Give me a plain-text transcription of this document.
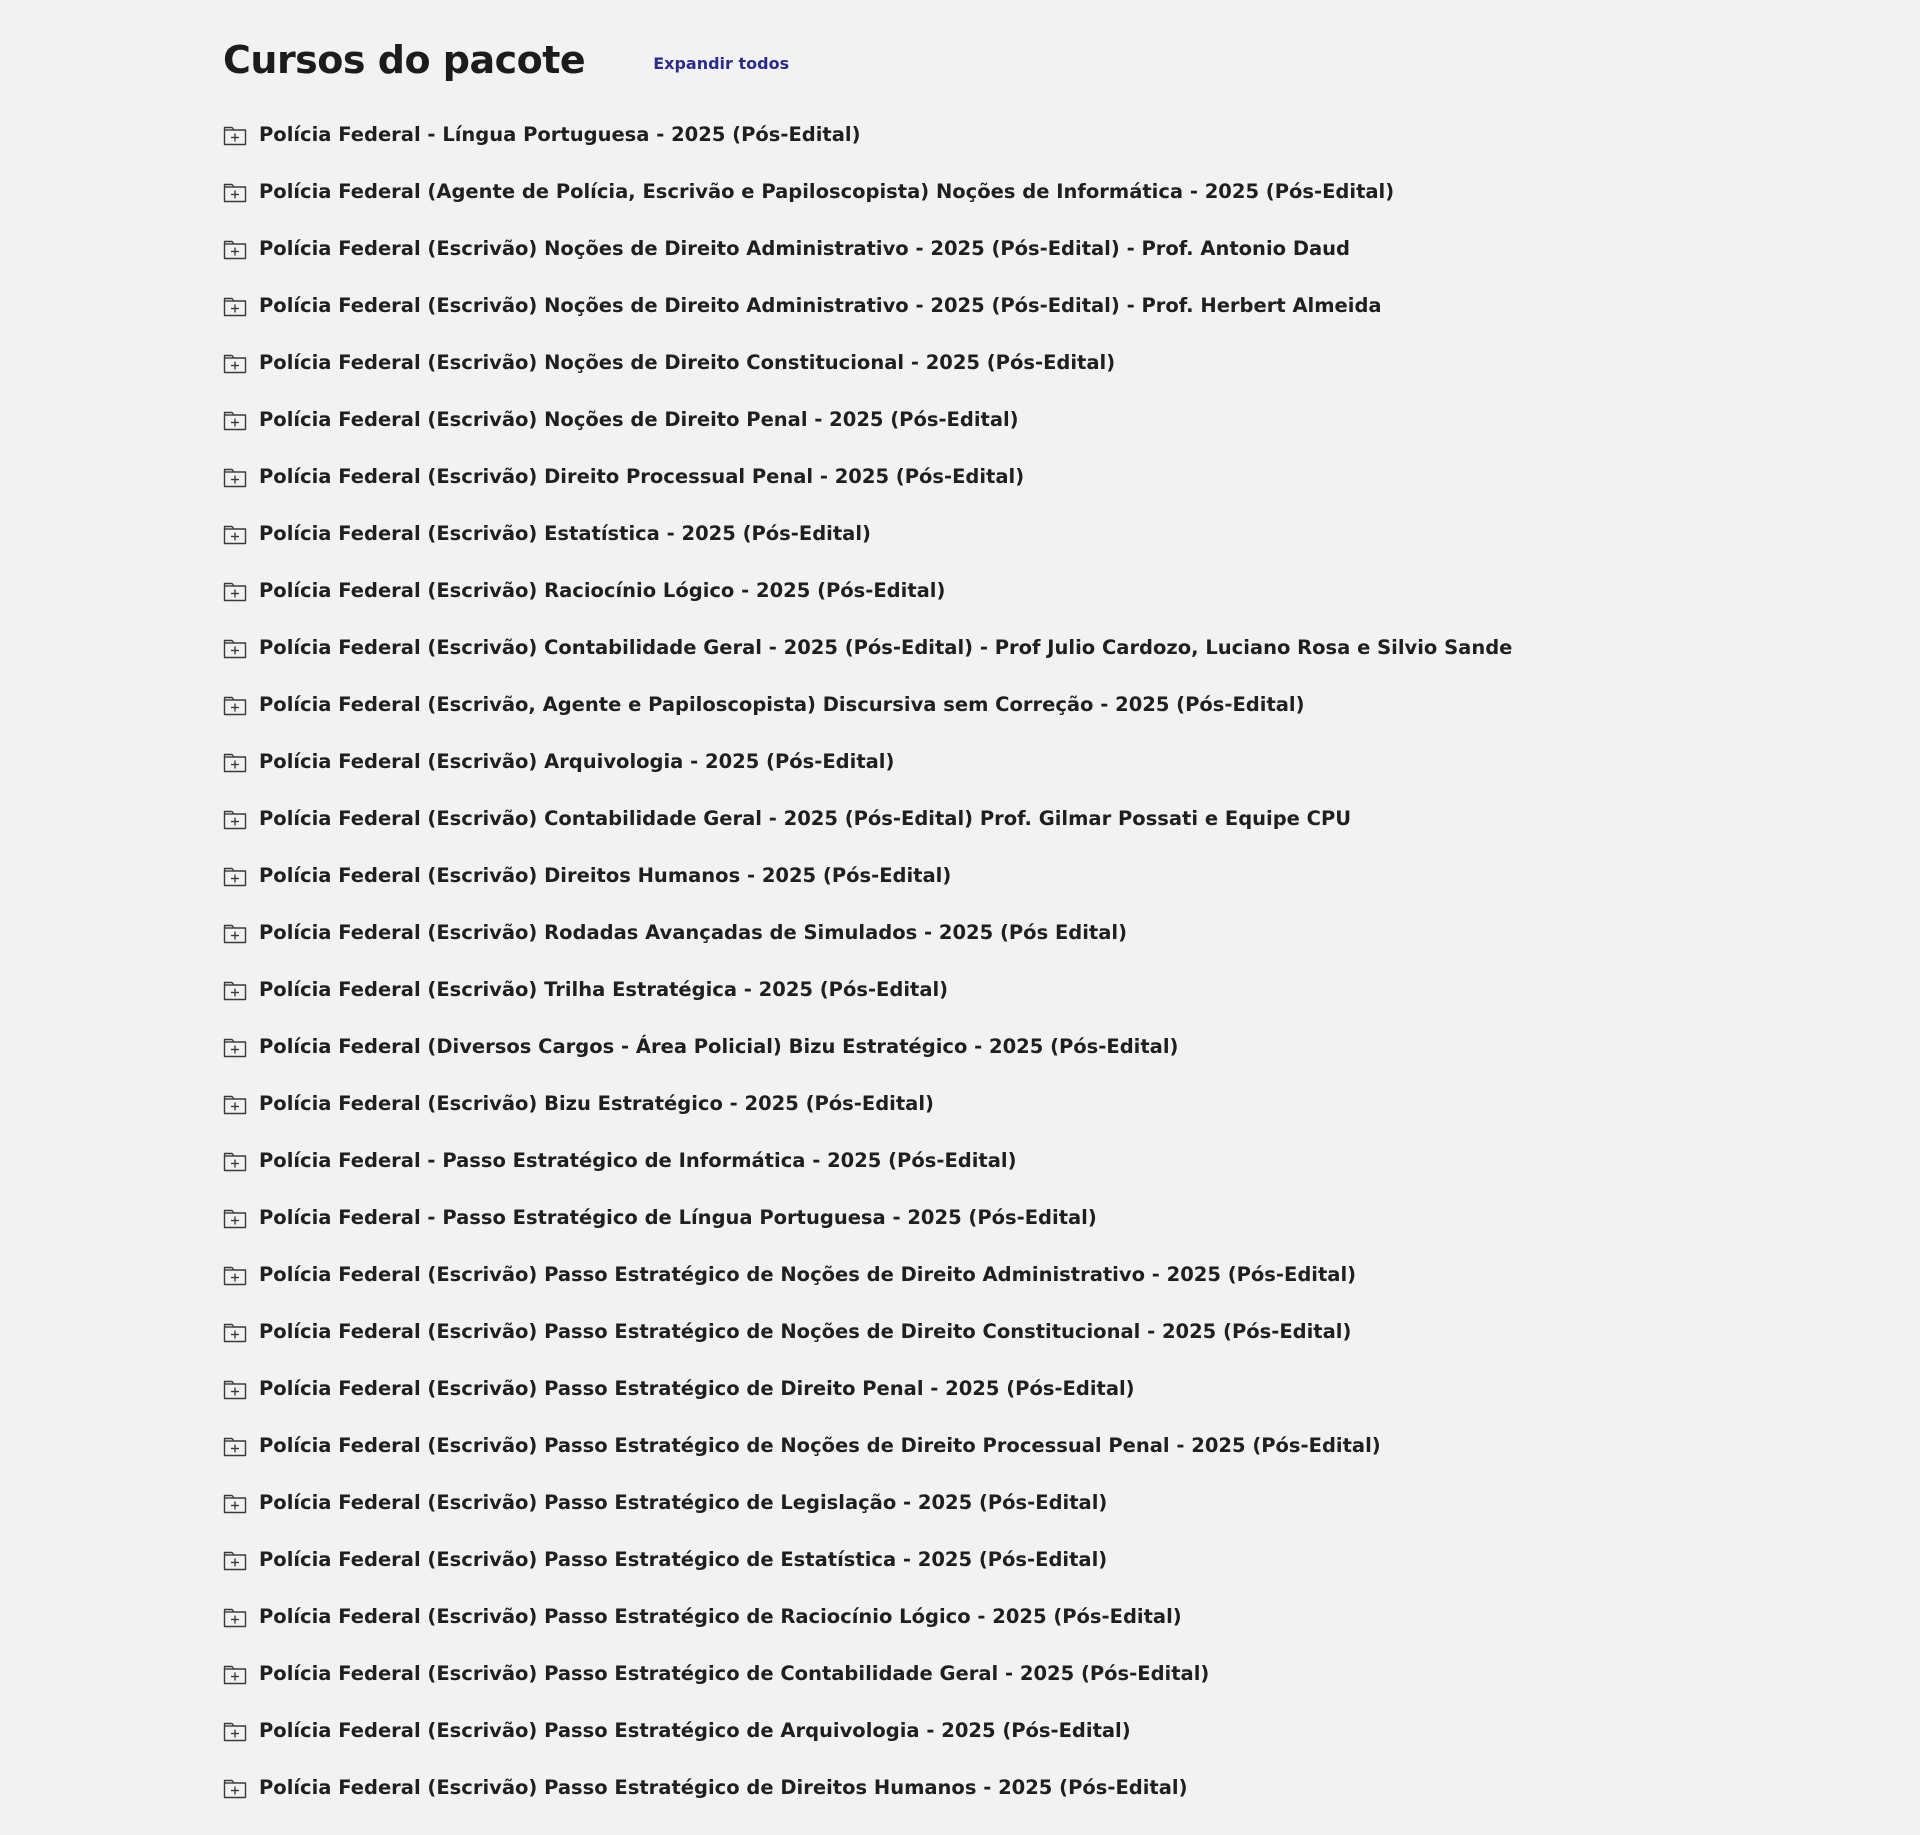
Cursos do pacote	Expandir todos
Polícia Federal - Língua Portuguesa - 2025 (Pós-Edital)
Polícia Federal (Agente de Polícia, Escrivão e Papiloscopista) Noções de Informática - 2025 (Pós-Edital)
Polícia Federal (Escrivão) Noções de Direito Administrativo - 2025 (Pós-Edital) - Prof. Antonio Daud
Polícia Federal (Escrivão) Noções de Direito Administrativo - 2025 (Pós-Edital) - Prof. Herbert Almeida
Polícia Federal (Escrivão) Noções de Direito Constitucional - 2025 (Pós-Edital)
Polícia Federal (Escrivão) Noções de Direito Penal - 2025 (Pós-Edital)
Polícia Federal (Escrivão) Direito Processual Penal - 2025 (Pós-Edital)
Polícia Federal (Escrivão) Estatística - 2025 (Pós-Edital)
Polícia Federal (Escrivão) Raciocínio Lógico - 2025 (Pós-Edital)
Polícia Federal (Escrivão) Contabilidade Geral - 2025 (Pós-Edital) - Prof Julio Cardozo, Luciano Rosa e Silvio Sande
Polícia Federal (Escrivão, Agente e Papiloscopista) Discursiva sem Correção - 2025 (Pós-Edital)
Polícia Federal (Escrivão) Arquivologia - 2025 (Pós-Edital)
Polícia Federal (Escrivão) Contabilidade Geral - 2025 (Pós-Edital) Prof. Gilmar Possati e Equipe CPU
Polícia Federal (Escrivão) Direitos Humanos - 2025 (Pós-Edital)
Polícia Federal (Escrivão) Rodadas Avançadas de Simulados - 2025 (Pós Edital)
Polícia Federal (Escrivão) Trilha Estratégica - 2025 (Pós-Edital)
Polícia Federal (Diversos Cargos - Área Policial) Bizu Estratégico - 2025 (Pós-Edital)
Polícia Federal (Escrivão) Bizu Estratégico - 2025 (Pós-Edital)
Polícia Federal - Passo Estratégico de Informática - 2025 (Pós-Edital)
Polícia Federal - Passo Estratégico de Língua Portuguesa - 2025 (Pós-Edital)
Polícia Federal (Escrivão) Passo Estratégico de Noções de Direito Administrativo - 2025 (Pós-Edital)
Polícia Federal (Escrivão) Passo Estratégico de Noções de Direito Constitucional - 2025 (Pós-Edital)
Polícia Federal (Escrivão) Passo Estratégico de Direito Penal - 2025 (Pós-Edital)
Polícia Federal (Escrivão) Passo Estratégico de Noções de Direito Processual Penal - 2025 (Pós-Edital)
Polícia Federal (Escrivão) Passo Estratégico de Legislação - 2025 (Pós-Edital)
Polícia Federal (Escrivão) Passo Estratégico de Estatística - 2025 (Pós-Edital)
Polícia Federal (Escrivão) Passo Estratégico de Raciocínio Lógico - 2025 (Pós-Edital)
Polícia Federal (Escrivão) Passo Estratégico de Contabilidade Geral - 2025 (Pós-Edital)
Polícia Federal (Escrivão) Passo Estratégico de Arquivologia - 2025 (Pós-Edital)
Polícia Federal (Escrivão) Passo Estratégico de Direitos Humanos - 2025 (Pós-Edital)
